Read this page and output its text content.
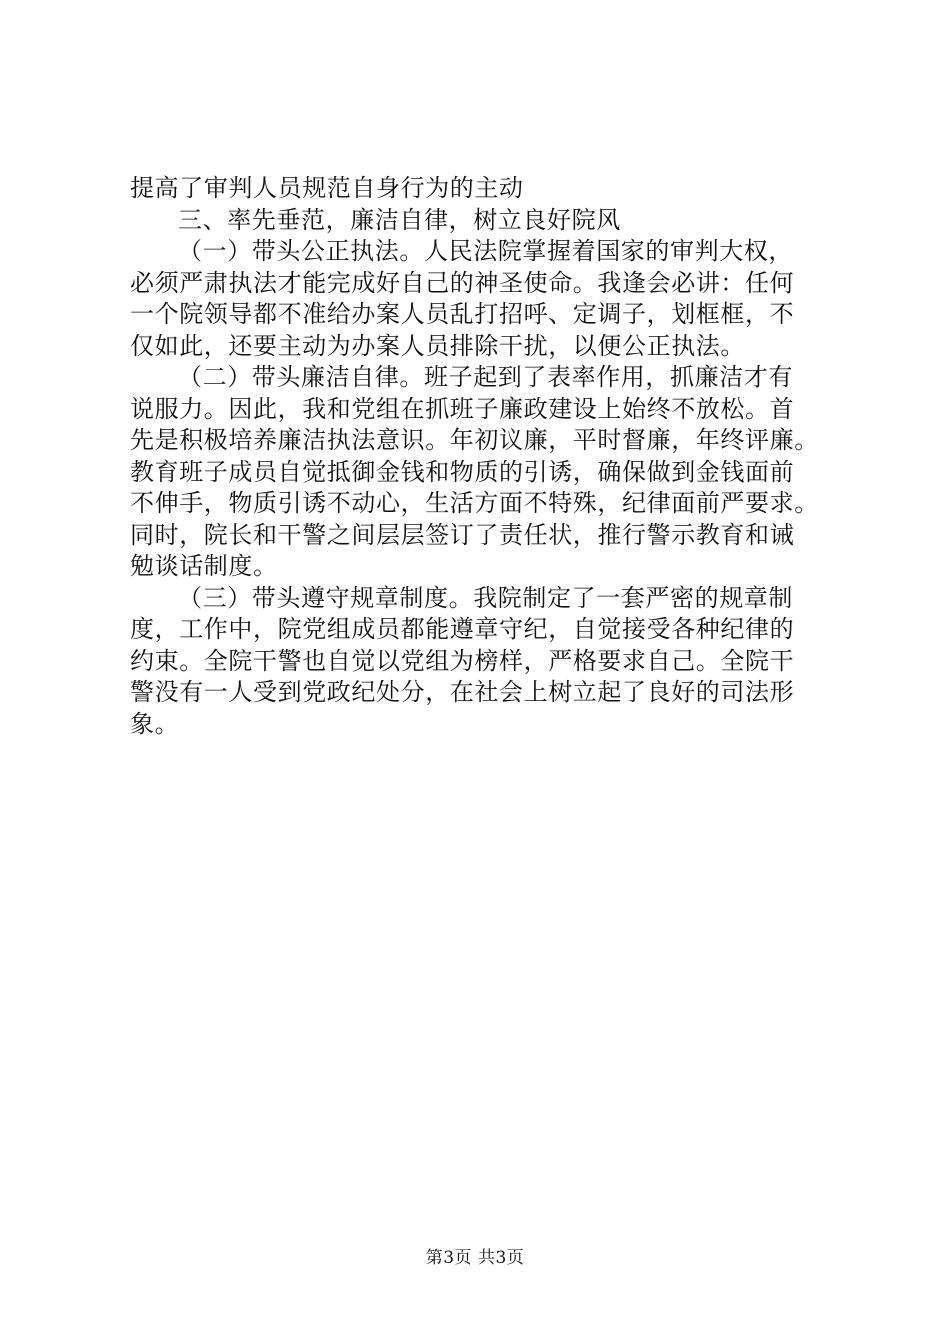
提高了审判人员规范自身行为的主动
三、率先垂范，廉洁自律，树立良好院风
（一）带头公正执法。人民法院掌握着国家的审判大权，
必须严肃执法才能完成好自己的神圣使命。我逢会必讲：任何
一个院领导都不准给办案人员乱打招呼、定调子，划框框，不
仅如此，还要主动为办案人员排除干扰，以便公正执法。
（二）带头廉洁自律。班子起到了表率作用，抓廉洁才有
说服力。因此，我和党组在抓班子廉政建设上始终不放松。首
先是积极培养廉洁执法意识。年初议廉，平时督廉，年终评廉。
教育班子成员自觉抵御金钱和物质的引诱，确保做到金钱面前
不伸手，物质引诱不动心，生活方面不特殊，纪律面前严要求。
同时，院长和干警之间层层签订了责任状，推行警示教育和诫
勉谈话制度。
（三）带头遵守规章制度。我院制定了一套严密的规章制
度，工作中，院党组成员都能遵章守纪，自觉接受各种纪律的
约束。全院干警也自觉以党组为榜样，严格要求自己。全院干
警没有一人受到党政纪处分，在社会上树立起了良好的司法形
象。
第3页 共3页
